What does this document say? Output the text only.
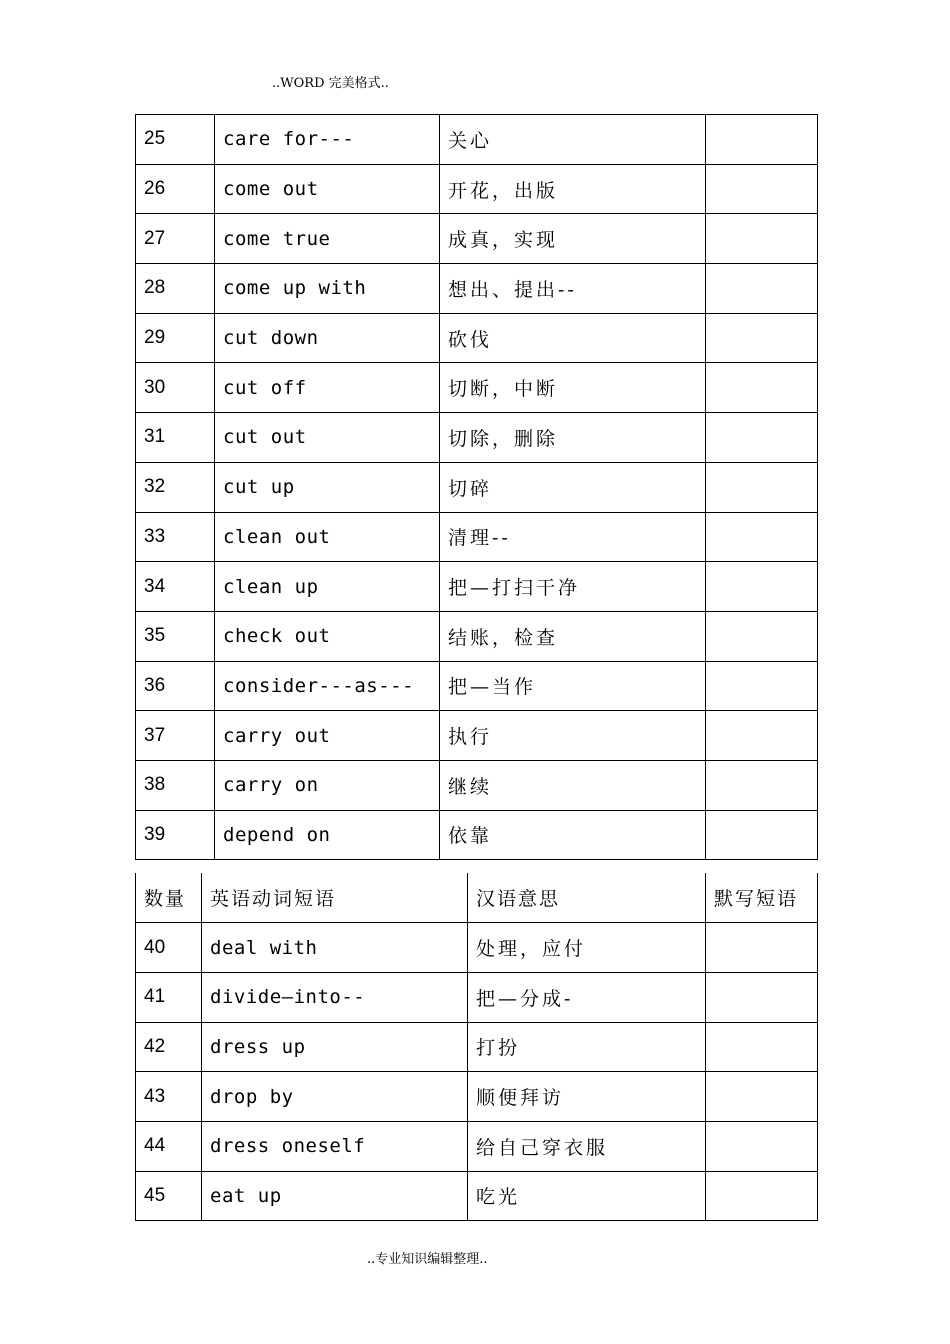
..WORD 完美格式..
25	care for---	关心	
26	come out	开花，出版	
27	come true	成真，实现	
28	come up with	想出、提出--	
29	cut down	砍伐	
30	cut off	切断，中断	
31	cut out	切除，删除	
32	cut up	切碎	
33	clean out	清理--	
34	clean up	把—打扫干净	
35	check out	结账，检查	
36	consider---as---	把—当作	
37	carry out	执行	
38	carry on	继续	
39	depend on	依靠	
数量	英语动词短语	汉语意思	默写短语
40	deal with	处理，应付	
41	divide—into--	把—分成-	
42	dress up	打扮	
43	drop by	顺便拜访	
44	dress oneself	给自己穿衣服	
45	eat up	吃光	
..专业知识编辑整理..
